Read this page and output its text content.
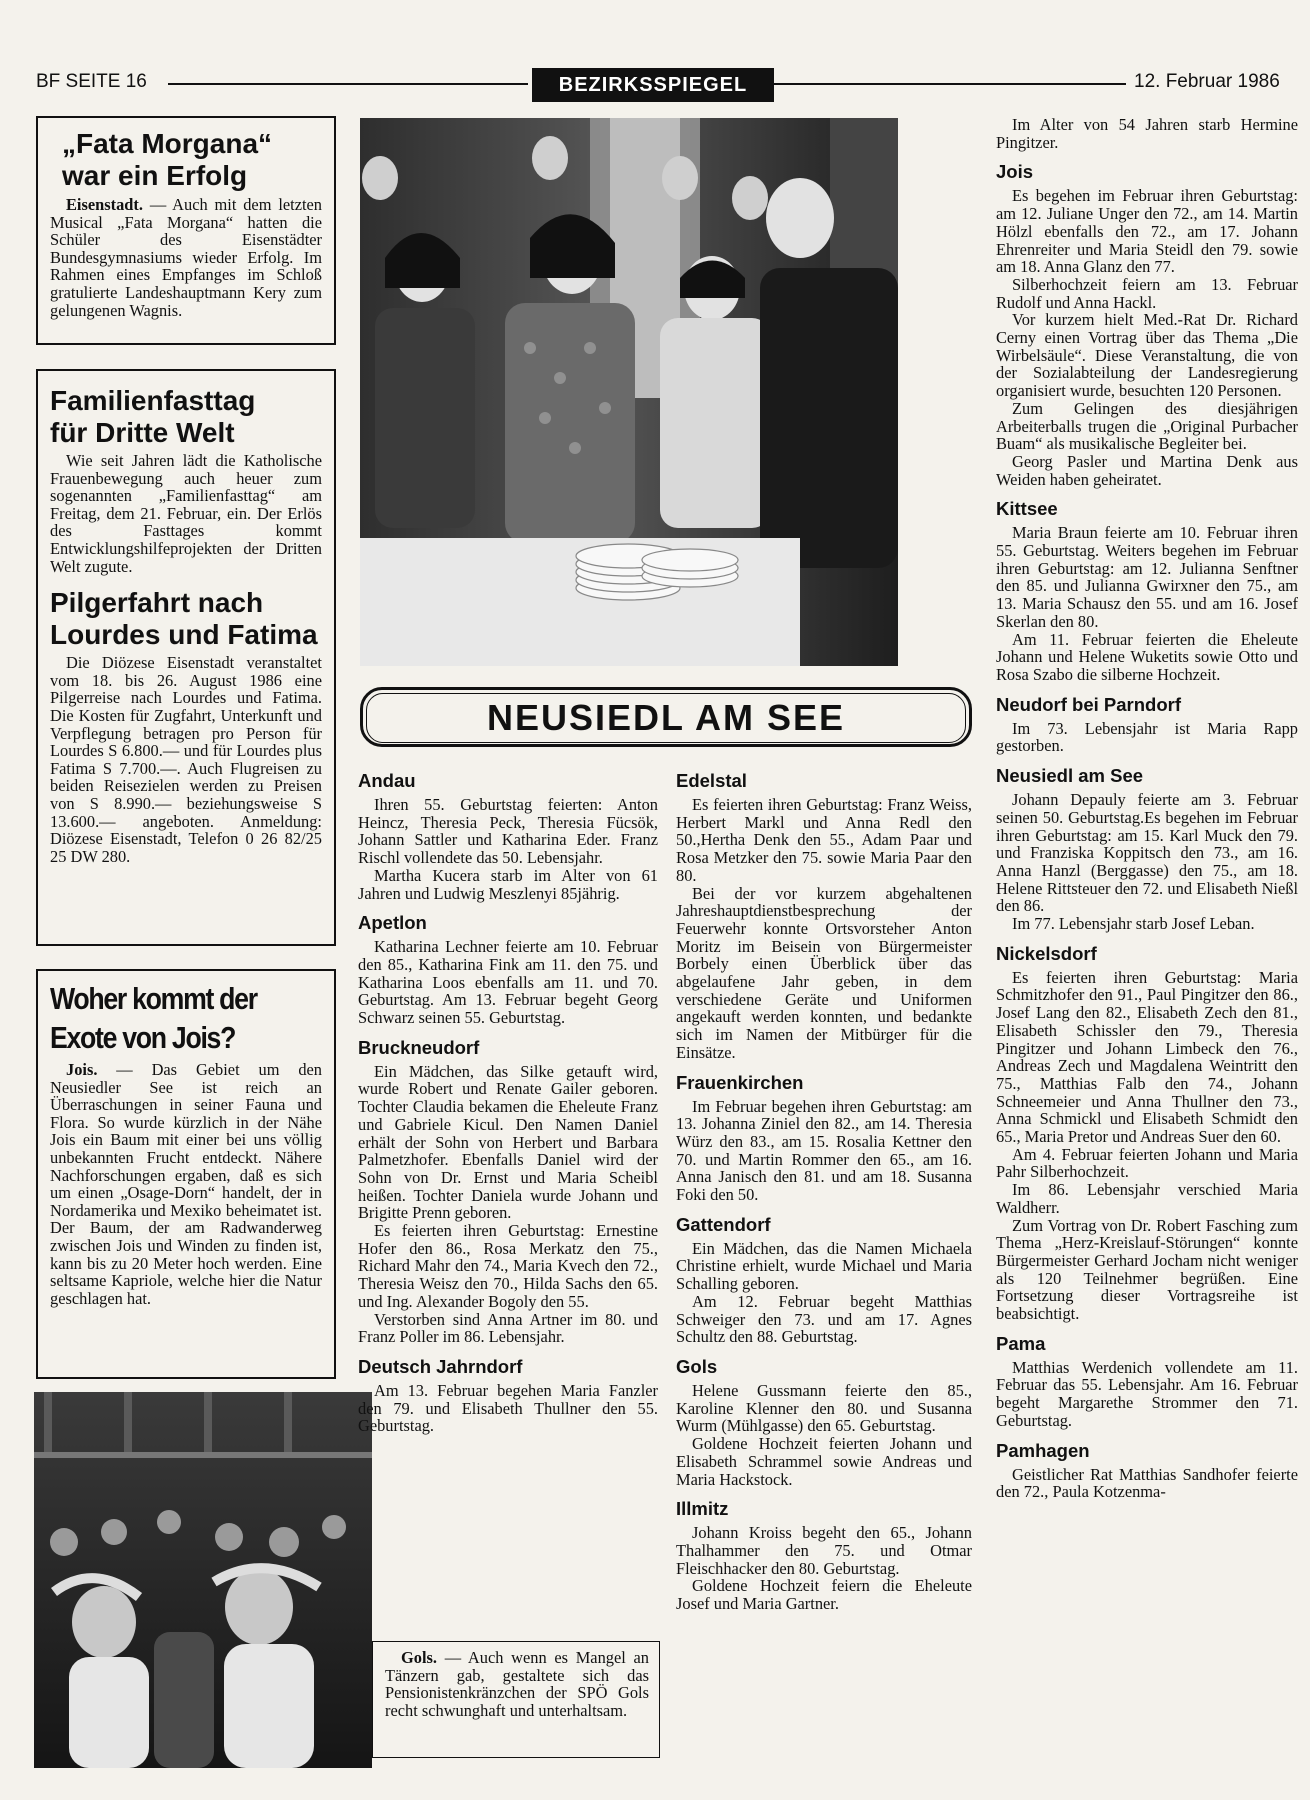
BF SEITE 16	BEZIRKSSPIEGEL	12. Februar 1986
„Fata Morgana“
war ein Erfolg

Eisenstadt. — Auch mit dem letzten Musical „Fata Morgana“ hatten die Schüler des Eisenstädter Bundesgymnasiums wieder Erfolg. Im Rahmen eines Empfanges im Schloß gratulierte Landeshauptmann Kery zum gelungenen Wagnis.

Familienfasttag
für Dritte Welt

Wie seit Jahren lädt die Katholische Frauenbewegung auch heuer zum sogenannten „Familienfasttag“ am Freitag, dem 21. Februar, ein. Der Erlös des Fasttages kommt Entwicklungshilfeprojekten der Dritten Welt zugute.

Pilgerfahrt nach
Lourdes und Fatima

Die Diözese Eisenstadt veranstaltet vom 18. bis 26. August 1986 eine Pilgerreise nach Lourdes und Fatima. Die Kosten für Zugfahrt, Unterkunft und Verpflegung betragen pro Person für Lourdes S 6.800.— und für Lourdes plus Fatima S 7.700.—. Auch Flugreisen zu beiden Reisezielen werden zu Preisen von S 8.990.— beziehungsweise S 13.600.— angeboten. Anmeldung: Diözese Eisenstadt, Telefon 0 26 82/25 25 DW 280.

Woher kommt der
Exote von Jois?

Jois. — Das Gebiet um den Neusiedler See ist reich an Überraschungen in seiner Fauna und Flora. So wurde kürzlich in der Nähe Jois ein Baum mit einer bei uns völlig unbekannten Frucht entdeckt. Nähere Nachforschungen ergaben, daß es sich um einen „Osage-Dorn“ handelt, der in Nordamerika und Mexiko beheimatet ist. Der Baum, der am Radwanderweg zwischen Jois und Winden zu finden ist, kann bis zu 20 Meter hoch werden. Eine seltsame Kapriole, welche hier die Natur geschlagen hat.

Gols. — Auch wenn es Mangel an Tänzern gab, gestaltete sich das Pensionistenkränzchen der SPÖ Gols recht schwunghaft und unterhaltsam.
NEUSIEDL AM SEE
Andau

Ihren 55. Geburtstag feierten: Anton Heincz, Theresia Peck, Theresia Fücsök, Johann Sattler und Katharina Eder. Franz Rischl vollendete das 50. Lebensjahr.

Martha Kucera starb im Alter von 61 Jahren und Ludwig Meszlenyi 85jährig.

Apetlon

Katharina Lechner feierte am 10. Februar den 85., Katharina Fink am 11. den 75. und Katharina Loos ebenfalls am 11. und 70. Geburtstag. Am 13. Februar begeht Georg Schwarz seinen 55. Geburtstag.

Bruckneudorf

Ein Mädchen, das Silke getauft wird, wurde Robert und Renate Gailer geboren. Tochter Claudia bekamen die Eheleute Franz und Gabriele Kicul. Den Namen Daniel erhält der Sohn von Herbert und Barbara Palmetzhofer. Ebenfalls Daniel wird der Sohn von Dr. Ernst und Maria Scheibl heißen. Tochter Daniela wurde Johann und Brigitte Prenn geboren.

Es feierten ihren Geburtstag: Ernestine Hofer den 86., Rosa Merkatz den 75., Richard Mahr den 74., Maria Kvech den 72., Theresia Weisz den 70., Hilda Sachs den 65. und Ing. Alexander Bogoly den 55.

Verstorben sind Anna Artner im 80. und Franz Poller im 86. Lebensjahr.

Deutsch Jahrndorf

Am 13. Februar begehen Maria Fanzler den 79. und Elisabeth Thullner den 55. Geburtstag.

Edelstal

Es feierten ihren Geburtstag: Franz Weiss, Herbert Markl und Anna Redl den 50.,Hertha Denk den 55., Adam Paar und Rosa Metzker den 75. sowie Maria Paar den 80.

Bei der vor kurzem abgehaltenen Jahreshauptdienstbesprechung der Feuerwehr konnte Ortsvorsteher Anton Moritz im Beisein von Bürgermeister Borbely einen Überblick über das abgelaufene Jahr geben, in dem verschiedene Geräte und Uniformen angekauft werden konnten, und bedankte sich im Namen der Mitbürger für die Einsätze.

Frauenkirchen

Im Februar begehen ihren Geburtstag: am 13. Johanna Ziniel den 82., am 14. Theresia Würz den 83., am 15. Rosalia Kettner den 70. und Martin Rommer den 65., am 16. Anna Janisch den 81. und am 18. Susanna Foki den 50.

Gattendorf

Ein Mädchen, das die Namen Michaela Christine erhielt, wurde Michael und Maria Schalling geboren.

Am 12. Februar begeht Matthias Schweiger den 73. und am 17. Agnes Schultz den 88. Geburtstag.

Gols

Helene Gussmann feierte den 85., Karoline Klenner den 80. und Susanna Wurm (Mühlgasse) den 65. Geburtstag.

Goldene Hochzeit feierten Johann und Elisabeth Schrammel sowie Andreas und Maria Hackstock.

Illmitz

Johann Kroiss begeht den 65., Johann Thalhammer den 75. und Otmar Fleischhacker den 80. Geburtstag.

Goldene Hochzeit feiern die Eheleute Josef und Maria Gartner.

Im Alter von 54 Jahren starb Hermine Pingitzer.

Jois

Es begehen im Februar ihren Geburtstag: am 12. Juliane Unger den 72., am 14. Martin Hölzl ebenfalls den 72., am 17. Johann Ehrenreiter und Maria Steidl den 79. sowie am 18. Anna Glanz den 77.

Silberhochzeit feiern am 13. Februar Rudolf und Anna Hackl.

Vor kurzem hielt Med.-Rat Dr. Richard Cerny einen Vortrag über das Thema „Die Wirbelsäule“. Diese Veranstaltung, die von der Sozialabteilung der Landesregierung organisiert wurde, besuchten 120 Personen.

Zum Gelingen des diesjährigen Arbeiterballs trugen die „Original Purbacher Buam“ als musikalische Begleiter bei.

Georg Pasler und Martina Denk aus Weiden haben geheiratet.

Kittsee

Maria Braun feierte am 10. Februar ihren 55. Geburtstag. Weiters begehen im Februar ihren Geburtstag: am 12. Julianna Senftner den 85. und Julianna Gwirxner den 75., am 13. Maria Schausz den 55. und am 16. Josef Skerlan den 80.

Am 11. Februar feierten die Eheleute Johann und Helene Wuketits sowie Otto und Rosa Szabo die silberne Hochzeit.

Neudorf bei Parndorf

Im 73. Lebensjahr ist Maria Rapp gestorben.

Neusiedl am See

Johann Depauly feierte am 3. Februar seinen 50. Geburtstag.Es begehen im Februar ihren Geburtstag: am 15. Karl Muck den 79. und Franziska Koppitsch den 73., am 16. Anna Hanzl (Berggasse) den 75., am 18. Helene Rittsteuer den 72. und Elisabeth Nießl den 86.

Im 77. Lebensjahr starb Josef Leban.

Nickelsdorf

Es feierten ihren Geburtstag: Maria Schmitzhofer den 91., Paul Pingitzer den 86., Josef Lang den 82., Elisabeth Zech den 81., Elisabeth Schissler den 79., Theresia Pingitzer und Johann Limbeck den 76., Andreas Zech und Magdalena Weintritt den 75., Matthias Falb den 74., Johann Schneemeier und Anna Thullner den 73., Anna Schmickl und Elisabeth Schmidt den 65., Maria Pretor und Andreas Suer den 60.

Am 4. Februar feierten Johann und Maria Pahr Silberhochzeit.

Im 86. Lebensjahr verschied Maria Waldherr.

Zum Vortrag von Dr. Robert Fasching zum Thema „Herz-Kreislauf-Störungen“ konnte Bürgermeister Gerhard Jocham nicht weniger als 120 Teilnehmer begrüßen. Eine Fortsetzung dieser Vortragsreihe ist beabsichtigt.

Pama

Matthias Werdenich vollendete am 11. Februar das 55. Lebensjahr. Am 16. Februar begeht Margarethe Strommer den 71. Geburtstag.

Pamhagen

Geistlicher Rat Matthias Sandhofer feierte den 72., Paula Kotzenma-
